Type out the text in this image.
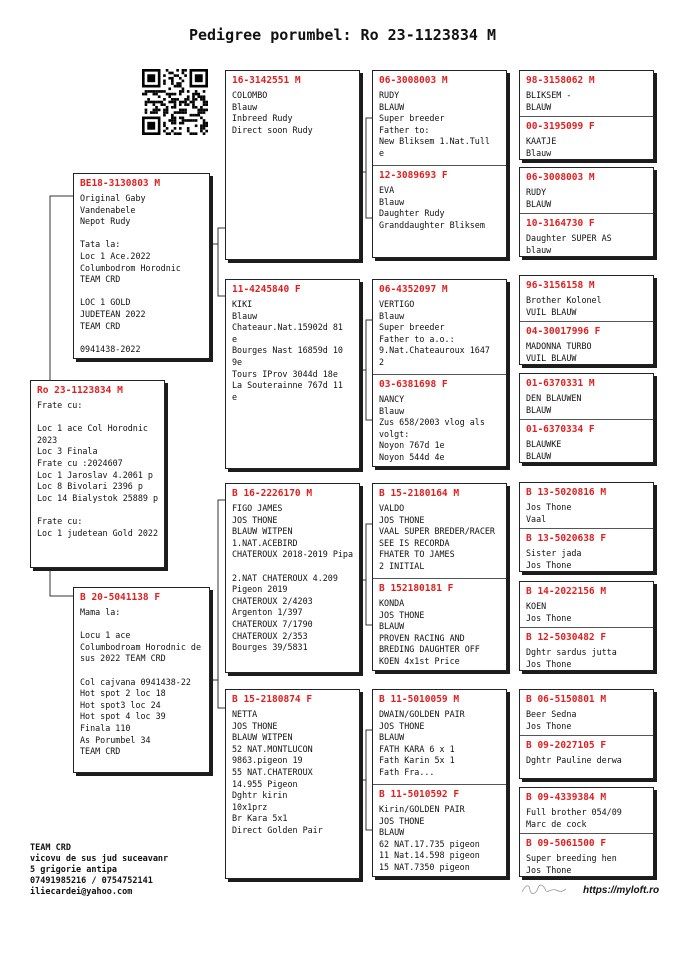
Pedigree porumbel: Ro 23-1123834 M
Ro 23-1123834 M
Frate cu:

Loc 1 ace Col Horodnic
2023
Loc 3 Finala
Frate cu :2024607
Loc 1 Jaroslav 4.2061 p
Loc 8 Bivolari 2396 p
Loc 14 Bialystok 25889 p

Frate cu:
Loc 1 judetean Gold 2022
BE18-3130803 M
Original Gaby
Vandenabele
Nepot Rudy

Tata la:
Loc 1 Ace.2022
Columbodrom Horodnic
TEAM CRD

LOC 1 GOLD
JUDETEAN 2022
TEAM CRD

0941438-2022
B 20-5041138 F
Mama la:

Locu 1 ace
Columbodroam Horodnic de
sus 2022 TEAM CRD

Col cajvana 0941438-22
Hot spot 2 loc 18
Hot spot3 loc 24
Hot spot 4 loc 39
Finala 110
As Porumbel 34
TEAM CRD
16-3142551 M
COLOMBO
Blauw
Inbreed Rudy
Direct soon Rudy
11-4245840 F
KIKI
Blauw
Chateaur.Nat.15902d 81
e
Bourges Nast 16859d 10
9e
Tours IProv 3044d 18e
La Souterainne 767d 11
e
B 16-2226170 M
FIGO JAMES
JOS THONE
BLAUW WITPEN
1.NAT.ACEBIRD
CHATEROUX 2018-2019 Pipa

2.NAT CHATEROUX 4.209
Pigeon 2019
CHATEROUX 2/4203
Argenton 1/397
CHATEROUX 7/1790
CHATEROUX 2/353
Bourges 39/5831
B 15-2180874 F
NETTA
JOS THONE
BLAUW WITPEN
52 NAT.MONTLUCON
9863.pigeon 19
55 NAT.CHATEROUX
14.955 Pigeon
Dghtr kirin
10x1prz
Br Kara 5x1
Direct Golden Pair
06-3008003 M
RUDY
BLAUW
Super breeder
Father to:
New Bliksem 1.Nat.Tull
e
12-3089693 F
EVA
Blauw
Daughter Rudy
Granddaughter Bliksem
06-4352097 M
VERTIGO
Blauw
Super breeder
Father to a.o.:
9.Nat.Chateauroux 1647
2
03-6381698 F
NANCY
Blauw
Zus 658/2003 vlog als
volgt:
Noyon 767d 1e
Noyon 544d 4e
B 15-2180164 M
VALDO
JOS THONE
VAAL SUPER BREDER/RACER
SEE IS RECORDA
FHATER TO JAMES
2 INITIAL
B 152180181 F
KONDA
JOS THONE
BLAUW
PROVEN RACING AND
BREDING DAUGHTER OFF
KOEN 4x1st Price
B 11-5010059 M
DWAIN/GOLDEN PAIR
JOS THONE
BLAUW
FATH KARA 6 x 1
Fath Karin 5x 1
Fath Fra...
B 11-5010592 F
Kirin/GOLDEN PAIR
JOS THONE
BLAUW
62 NAT.17.735 pigeon
11 Nat.14.598 pigeon
15 NAT.7350 pigeon
98-3158062 M
BLIKSEM -
BLAUW
00-3195099 F
KAATJE
Blauw
06-3008003 M
RUDY
BLAUW
10-3164730 F
Daughter SUPER AS
blauw
96-3156158 M
Brother Kolonel
VUIL BLAUW
04-30017996 F
MADONNA TURBO
VUIL BLAUW
01-6370331 M
DEN BLAUWEN
BLAUW
01-6370334 F
BLAUWKE
BLAUW
B 13-5020816 M
Jos Thone
Vaal
B 13-5020638 F
Sister jada
Jos Thone
B 14-2022156 M
KOEN
Jos Thone
B 12-5030482 F
Dghtr sardus jutta
Jos Thone
B 06-5150801 M
Beer Sedna
Jos Thone
B 09-2027105 F
Dghtr Pauline derwa
B 09-4339384 M
Full brother 054/09
Marc de cock
B 09-5061500 F
Super breeding hen
Jos Thone
TEAM CRD
vicovu de sus jud suceavanr
5 grigorie antipa
07491985216 / 0754752141
iliecardei@yahoo.com	https://myloft.ro
